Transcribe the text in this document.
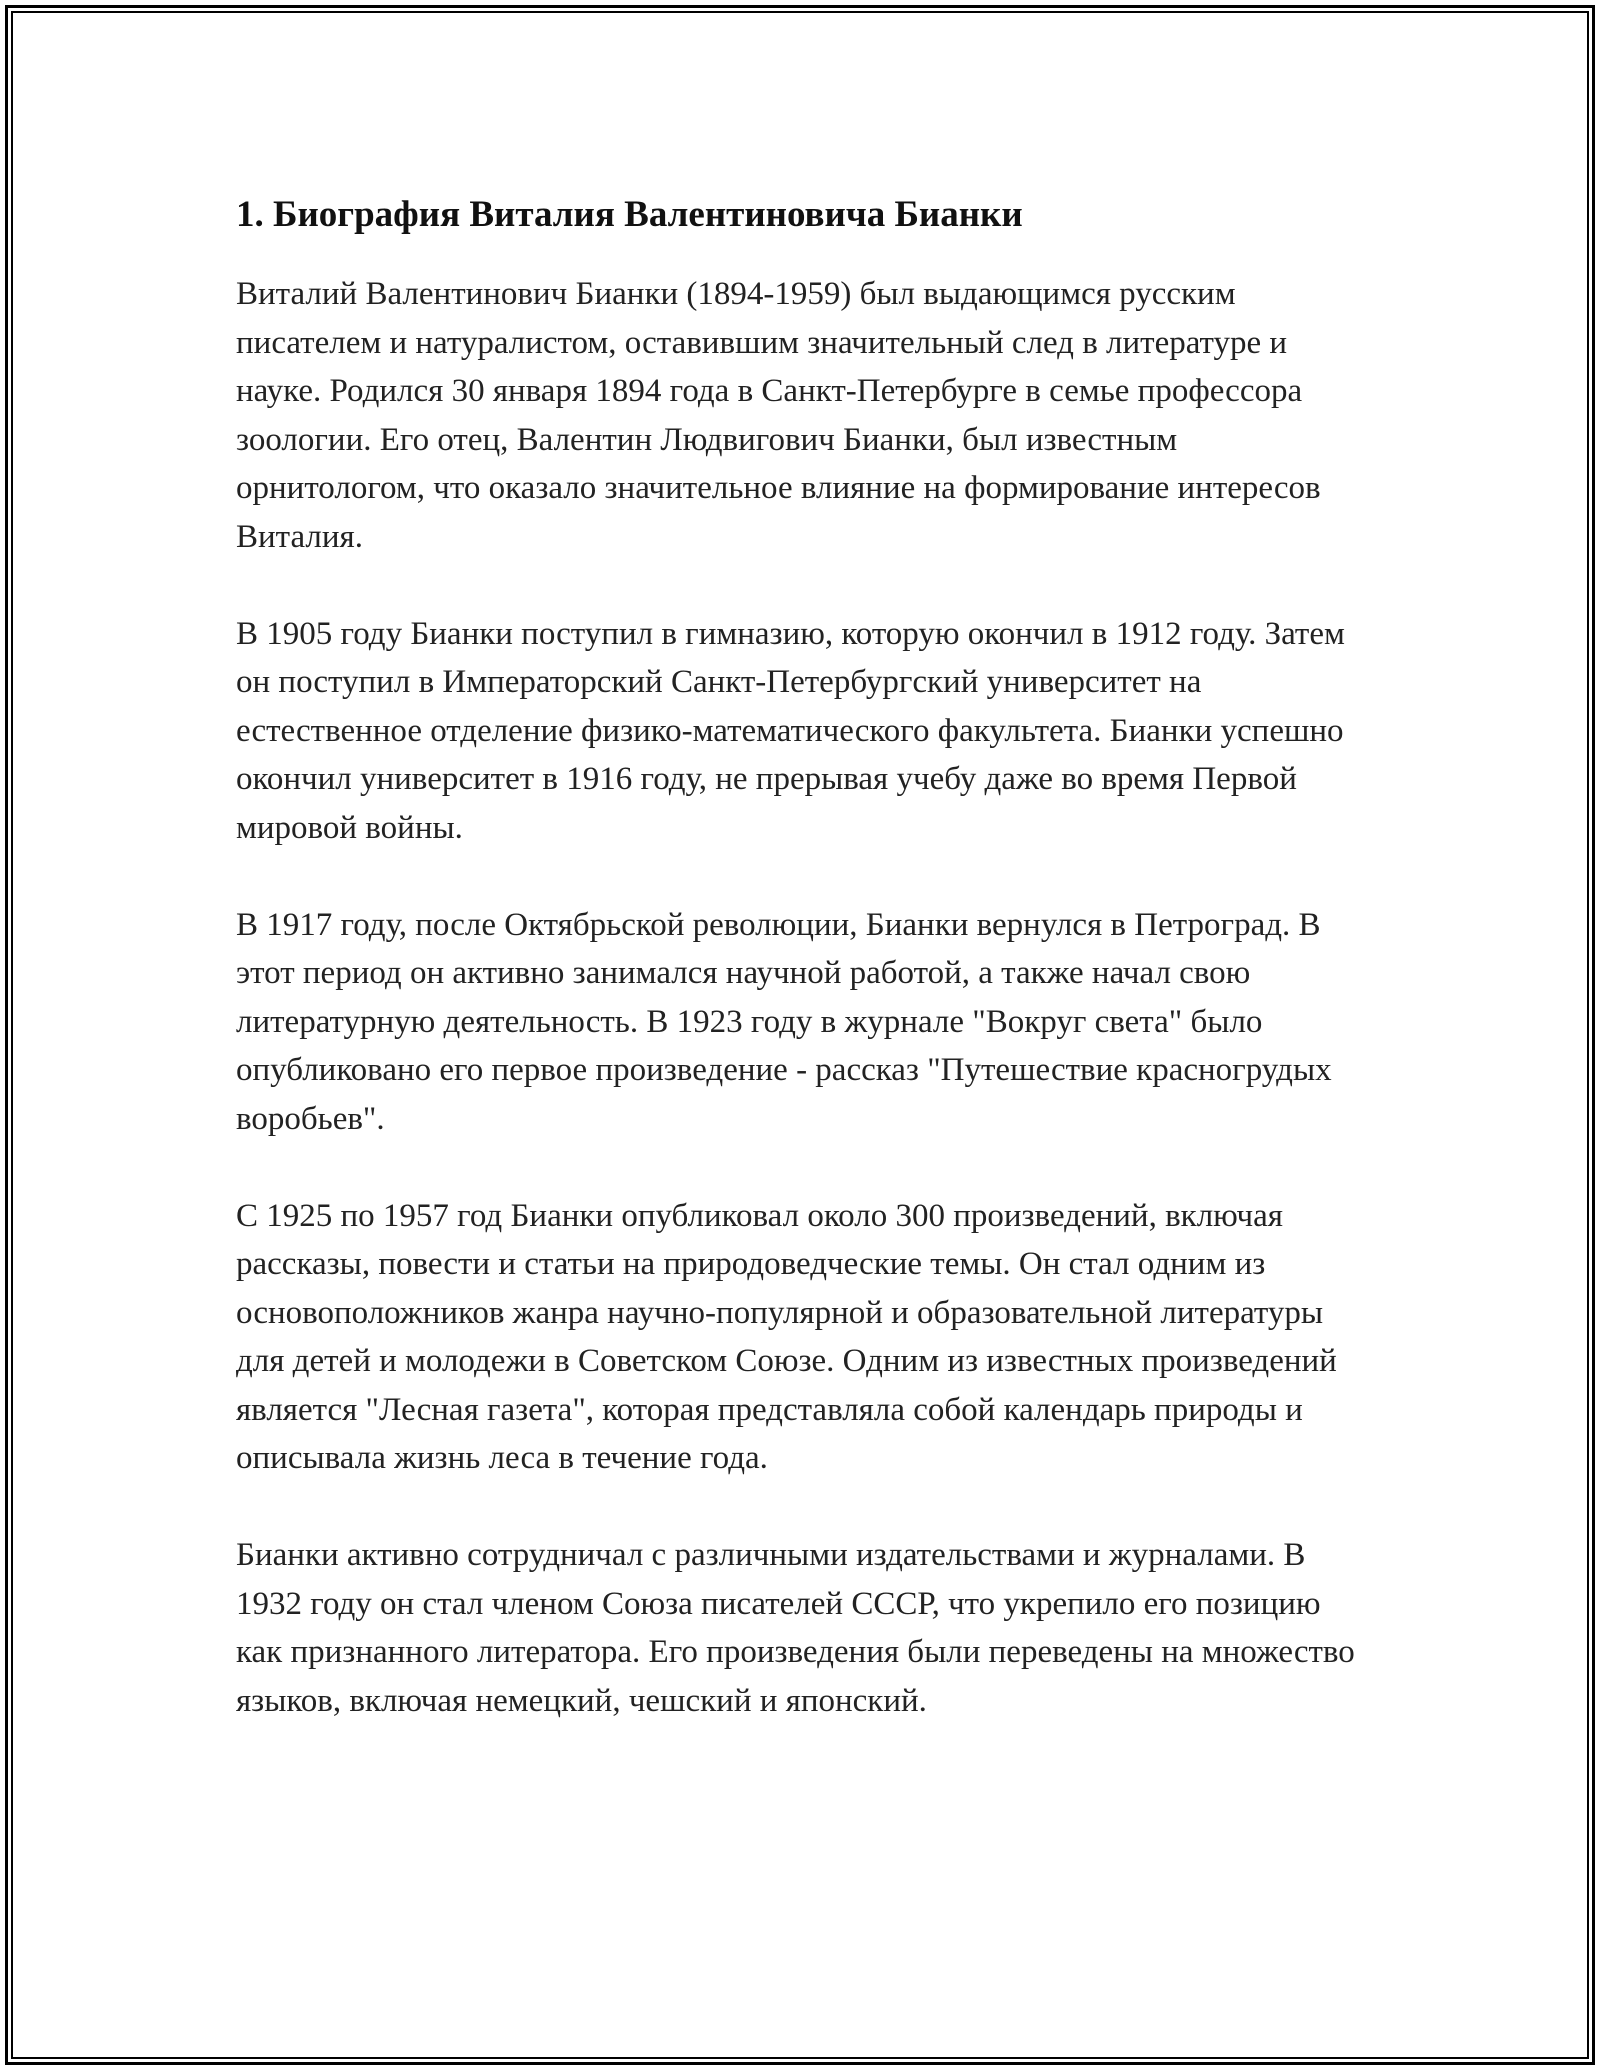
1. Биография Виталия Валентиновича Бианки

Виталий Валентинович Бианки (1894-1959) был выдающимся русским писателем и натуралистом, оставившим значительный след в литературе и науке. Родился 30 января 1894 года в Санкт-Петербурге в семье профессора зоологии. Его отец, Валентин Людвигович Бианки, был известным орнитологом, что оказало значительное влияние на формирование интересов Виталия.

В 1905 году Бианки поступил в гимназию, которую окончил в 1912 году. Затем он поступил в Императорский Санкт-Петербургский университет на естественное отделение физико-математического факультета. Бианки успешно окончил университет в 1916 году, не прерывая учебу даже во время Первой мировой войны.

В 1917 году, после Октябрьской революции, Бианки вернулся в Петроград. В этот период он активно занимался научной работой, а также начал свою литературную деятельность. В 1923 году в журнале "Вокруг света" было опубликовано его первое произведение - рассказ "Путешествие красногрудых воробьев".

С 1925 по 1957 год Бианки опубликовал около 300 произведений, включая рассказы, повести и статьи на природоведческие темы. Он стал одним из основоположников жанра научно-популярной и образовательной литературы для детей и молодежи в Советском Союзе. Одним из известных произведений является "Лесная газета", которая представляла собой календарь природы и описывала жизнь леса в течение года.

Бианки активно сотрудничал с различными издательствами и журналами. В 1932 году он стал членом Союза писателей СССР, что укрепило его позицию как признанного литератора. Его произведения были переведены на множество языков, включая немецкий, чешский и японский.
